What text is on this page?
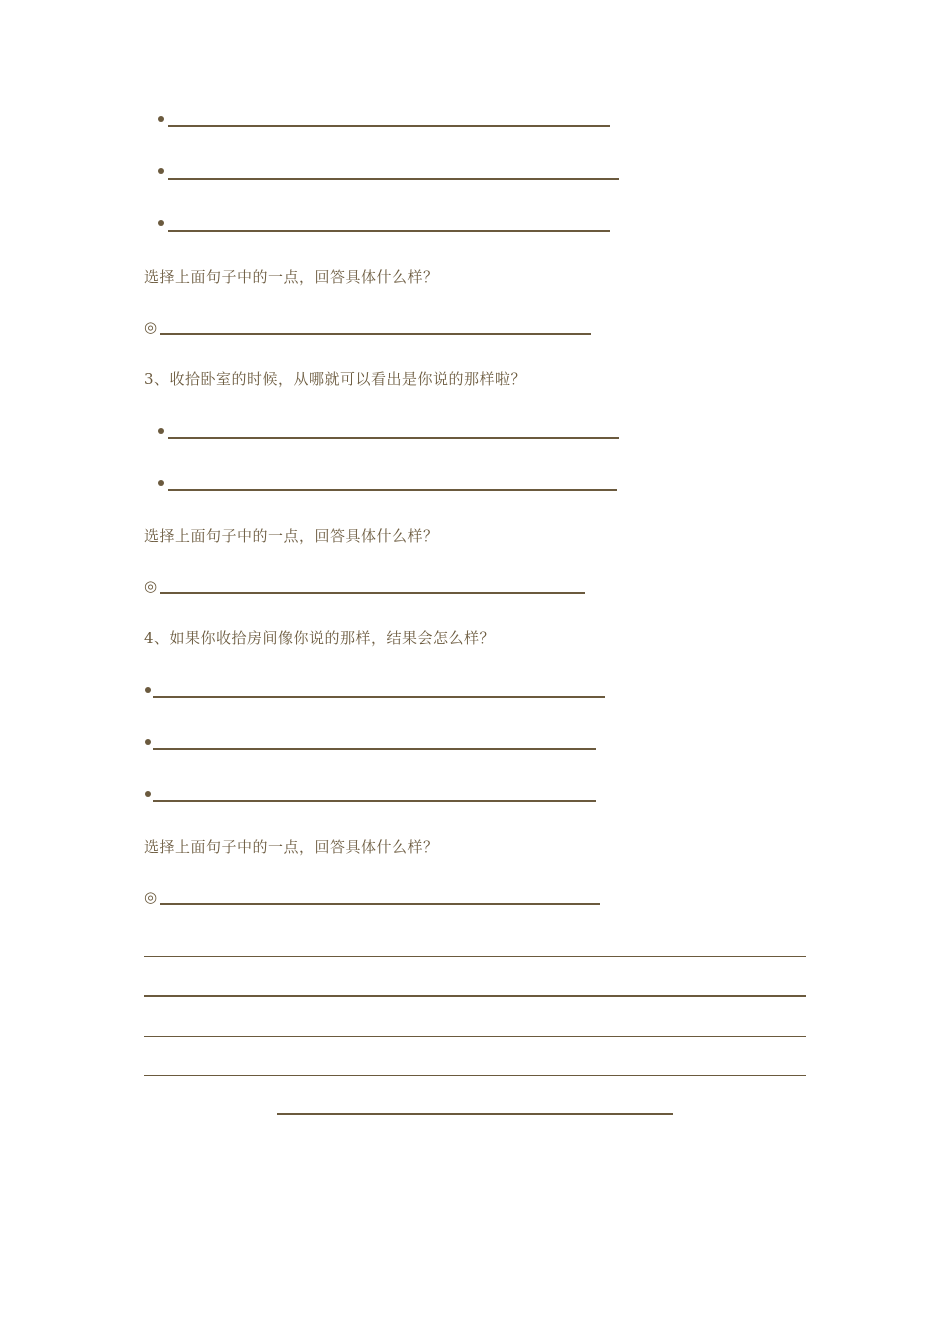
选择上面句子中的一点，回答具体什么样？
◎
3、收拾卧室的时候，从哪就可以看出是你说的那样啦？
选择上面句子中的一点，回答具体什么样？
◎
4、如果你收拾房间像你说的那样，结果会怎么样？
选择上面句子中的一点，回答具体什么样？
◎
